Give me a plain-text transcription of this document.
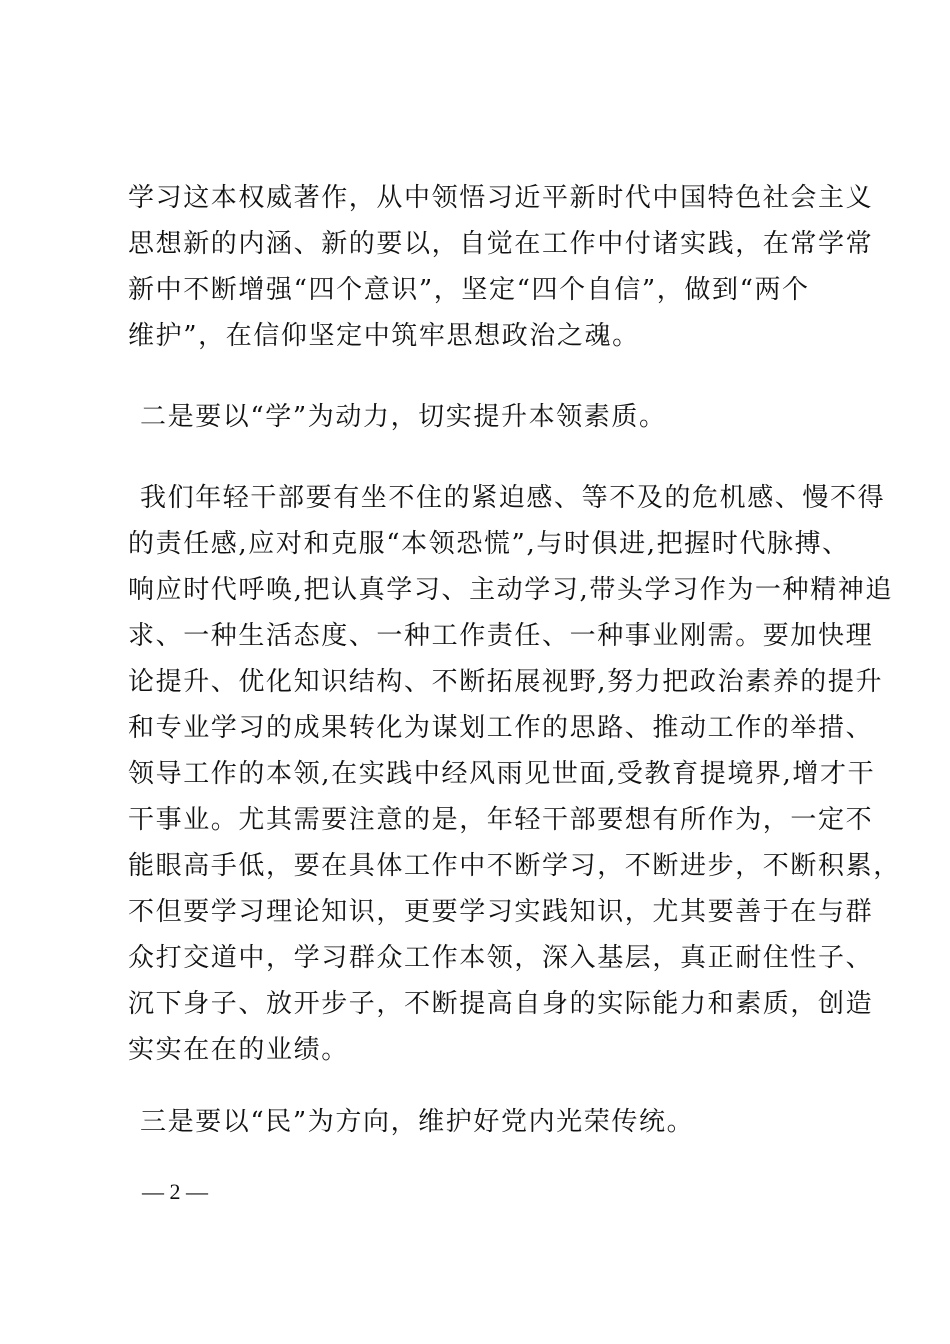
学习这本权威著作，从中领悟习近平新时代中国特色社会主义
思想新的内涵、新的要以，自觉在工作中付诸实践，在常学常
新中不断增强“四个意识”，坚定“四个自信”，做到“两个
维护”，在信仰坚定中筑牢思想政治之魂。
二是要以“学”为动力，切实提升本领素质。
我们年轻干部要有坐不住的紧迫感、等不及的危机感、慢不得
的责任感,应对和克服“本领恐慌”,与时俱进,把握时代脉搏、
响应时代呼唤,把认真学习、主动学习,带头学习作为一种精神追
求、一种生活态度、一种工作责任、一种事业刚需。要加快理
论提升、优化知识结构、不断拓展视野,努力把政治素养的提升
和专业学习的成果转化为谋划工作的思路、推动工作的举措、
领导工作的本领,在实践中经风雨见世面,受教育提境界,增才干
干事业。尤其需要注意的是，年轻干部要想有所作为，一定不
能眼高手低，要在具体工作中不断学习，不断进步，不断积累，
不但要学习理论知识，更要学习实践知识，尤其要善于在与群
众打交道中，学习群众工作本领，深入基层，真正耐住性子、
沉下身子、放开步子，不断提高自身的实际能力和素质，创造
实实在在的业绩。
三是要以“民”为方向，维护好党内光荣传统。
— 2 —
